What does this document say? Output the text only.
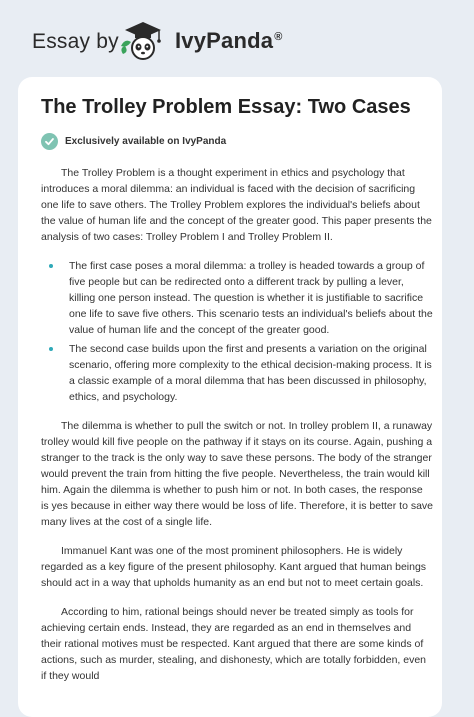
Essay by	IvyPanda®
The Trolley Problem Essay: Two Cases
Exclusively available on IvyPanda

The Trolley Problem is a thought experiment in ethics and psychology that introduces a moral dilemma: an individual is faced with the decision of sacrificing one life to save others. The Trolley Problem explores the individual's beliefs about the value of human life and the concept of the greater good. This paper presents the analysis of two cases: Trolley Problem I and Trolley Problem II.

The first case poses a moral dilemma: a trolley is headed towards a group of five people but can be redirected onto a different track by pulling a lever, killing one person instead. The question is whether it is justifiable to sacrifice one life to save five others. This scenario tests an individual's beliefs about the value of human life and the concept of the greater good.
The second case builds upon the first and presents a variation on the original scenario, offering more complexity to the ethical decision-making process. It is a classic example of a moral dilemma that has been discussed in philosophy, ethics, and psychology.

The dilemma is whether to pull the switch or not. In trolley problem II, a runaway trolley would kill five people on the pathway if it stays on its course. Again, pushing a stranger to the track is the only way to save these persons. The body of the stranger would prevent the train from hitting the five people. Nevertheless, the train would kill him. Again the dilemma is whether to push him or not. In both cases, the response is yes because in either way there would be loss of life. Therefore, it is better to save many lives at the cost of a single life.

Immanuel Kant was one of the most prominent philosophers. He is widely regarded as a key figure of the present philosophy. Kant argued that human beings should act in a way that upholds humanity as an end but not to meet certain goals.

According to him, rational beings should never be treated simply as tools for achieving certain ends. Instead, they are regarded as an end in themselves and their rational motives must be respected. Kant argued that there are some kinds of actions, such as murder, stealing, and dishonesty, which are totally forbidden, even if they would
